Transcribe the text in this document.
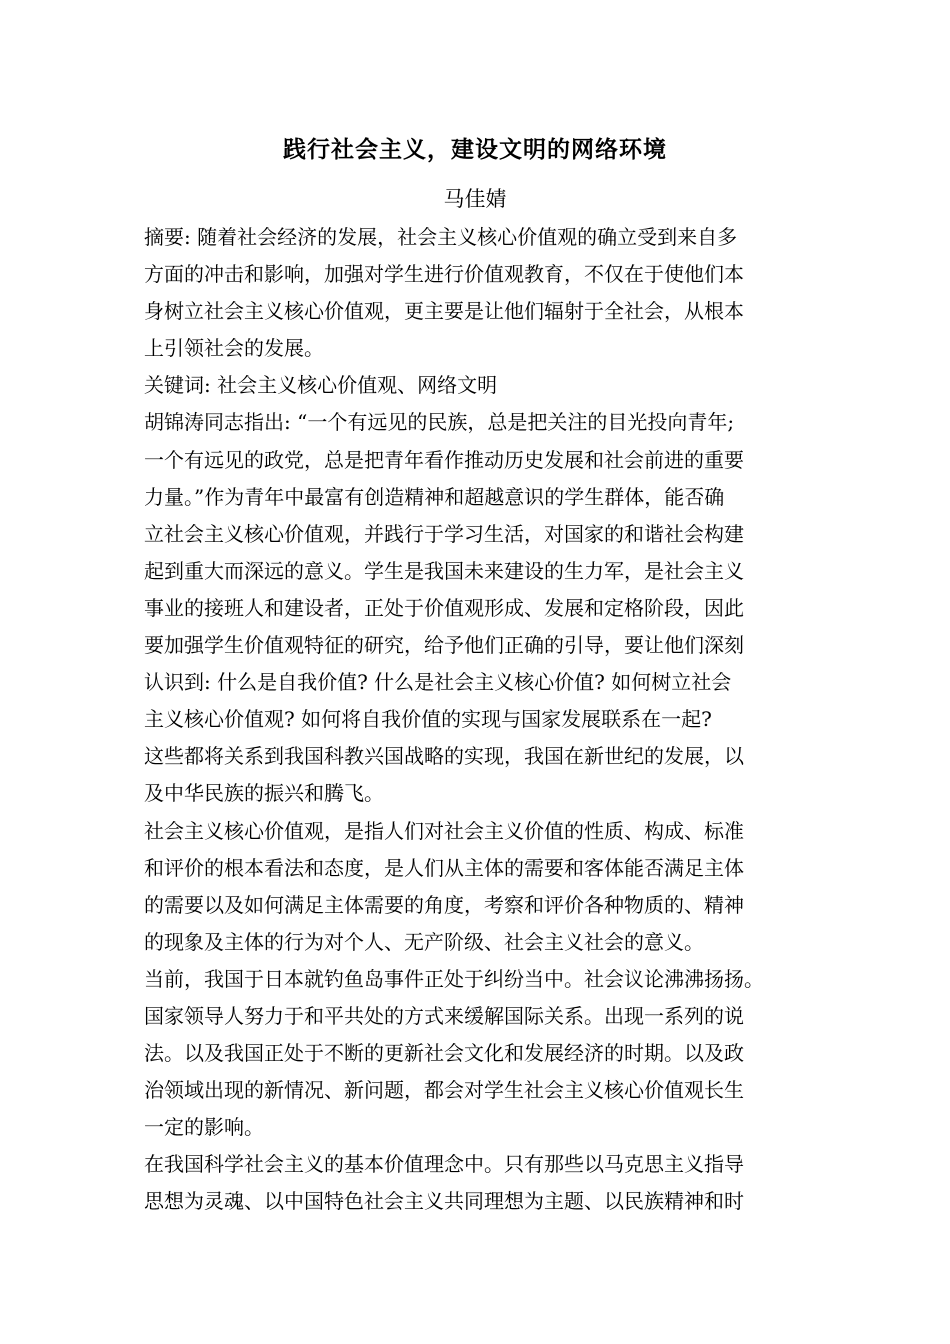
践行社会主义，建设文明的网络环境
马佳婧
摘要: 随着社会经济的发展，社会主义核心价值观的确立受到来自多
方面的冲击和影响，加强对学生进行价值观教育，不仅在于使他们本
身树立社会主义核心价值观，更主要是让他们辐射于全社会，从根本
上引领社会的发展。
关键词: 社会主义核心价值观、网络文明
胡锦涛同志指出: “一个有远见的民族，总是把关注的目光投向青年;
一个有远见的政党，总是把青年看作推动历史发展和社会前进的重要
力量。”作为青年中最富有创造精神和超越意识的学生群体，能否确
立社会主义核心价值观，并践行于学习生活，对国家的和谐社会构建
起到重大而深远的意义。学生是我国未来建设的生力军，是社会主义
事业的接班人和建设者，正处于价值观形成、发展和定格阶段，因此
要加强学生价值观特征的研究，给予他们正确的引导，要让他们深刻
认识到: 什么是自我价值? 什么是社会主义核心价值? 如何树立社会
主义核心价值观? 如何将自我价值的实现与国家发展联系在一起?
这些都将关系到我国科教兴国战略的实现，我国在新世纪的发展，以
及中华民族的振兴和腾飞。
社会主义核心价值观，是指人们对社会主义价值的性质、构成、标准
和评价的根本看法和态度，是人们从主体的需要和客体能否满足主体
的需要以及如何满足主体需要的角度，考察和评价各种物质的、精神
的现象及主体的行为对个人、无产阶级、社会主义社会的意义。
当前，我国于日本就钓鱼岛事件正处于纠纷当中。社会议论沸沸扬扬。
国家领导人努力于和平共处的方式来缓解国际关系。出现一系列的说
法。以及我国正处于不断的更新社会文化和发展经济的时期。以及政
治领域出现的新情况、新问题，都会对学生社会主义核心价值观长生
一定的影响。
在我国科学社会主义的基本价值理念中。只有那些以马克思主义指导
思想为灵魂、以中国特色社会主义共同理想为主题、以民族精神和时
